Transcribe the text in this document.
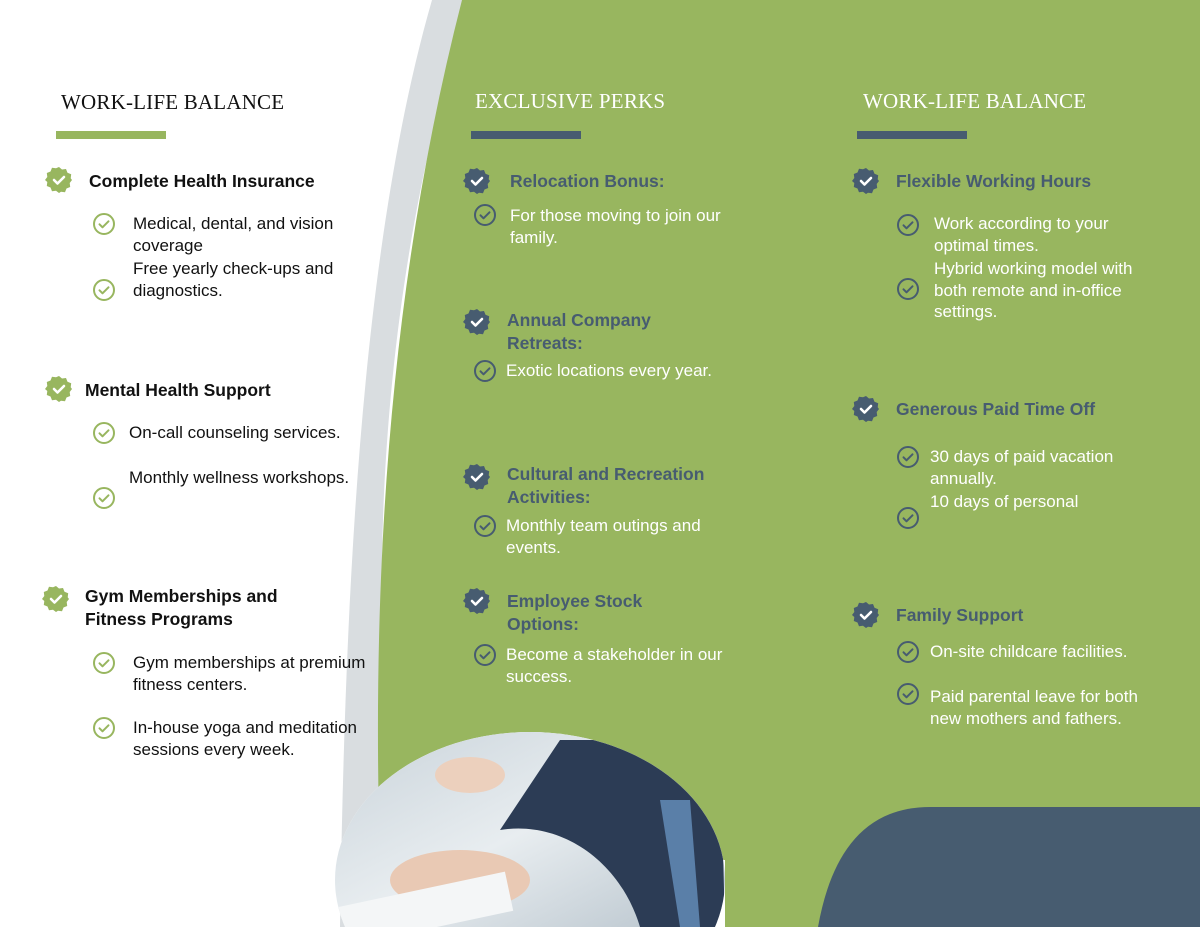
WORK-LIFE BALANCE
Complete Health Insurance
Medical, dental, and vision coverage
Free yearly check-ups and diagnostics.
Mental Health Support
On-call counseling services.
Monthly wellness workshops.
Gym Memberships and Fitness Programs
Gym memberships at premium fitness centers.
In-house yoga and meditation sessions every week.
Relocation Bonus:
For those moving to join our family.
Annual Company Retreats:
Exotic locations every year.
Cultural and Recreation Activities:
Monthly team outings and events.
Employee Stock Options:
Become a stakeholder in our success.
Flexible Working Hours
Work according to your optimal times.
Hybrid working model with both remote and in-office settings.
Generous Paid Time Off
30 days of paid vacation annually.
10 days of personal
Family Support
On-site childcare facilities.
Paid parental leave for both new mothers and fathers.
EXCLUSIVE PERKS	WORK-LIFE BALANCE
